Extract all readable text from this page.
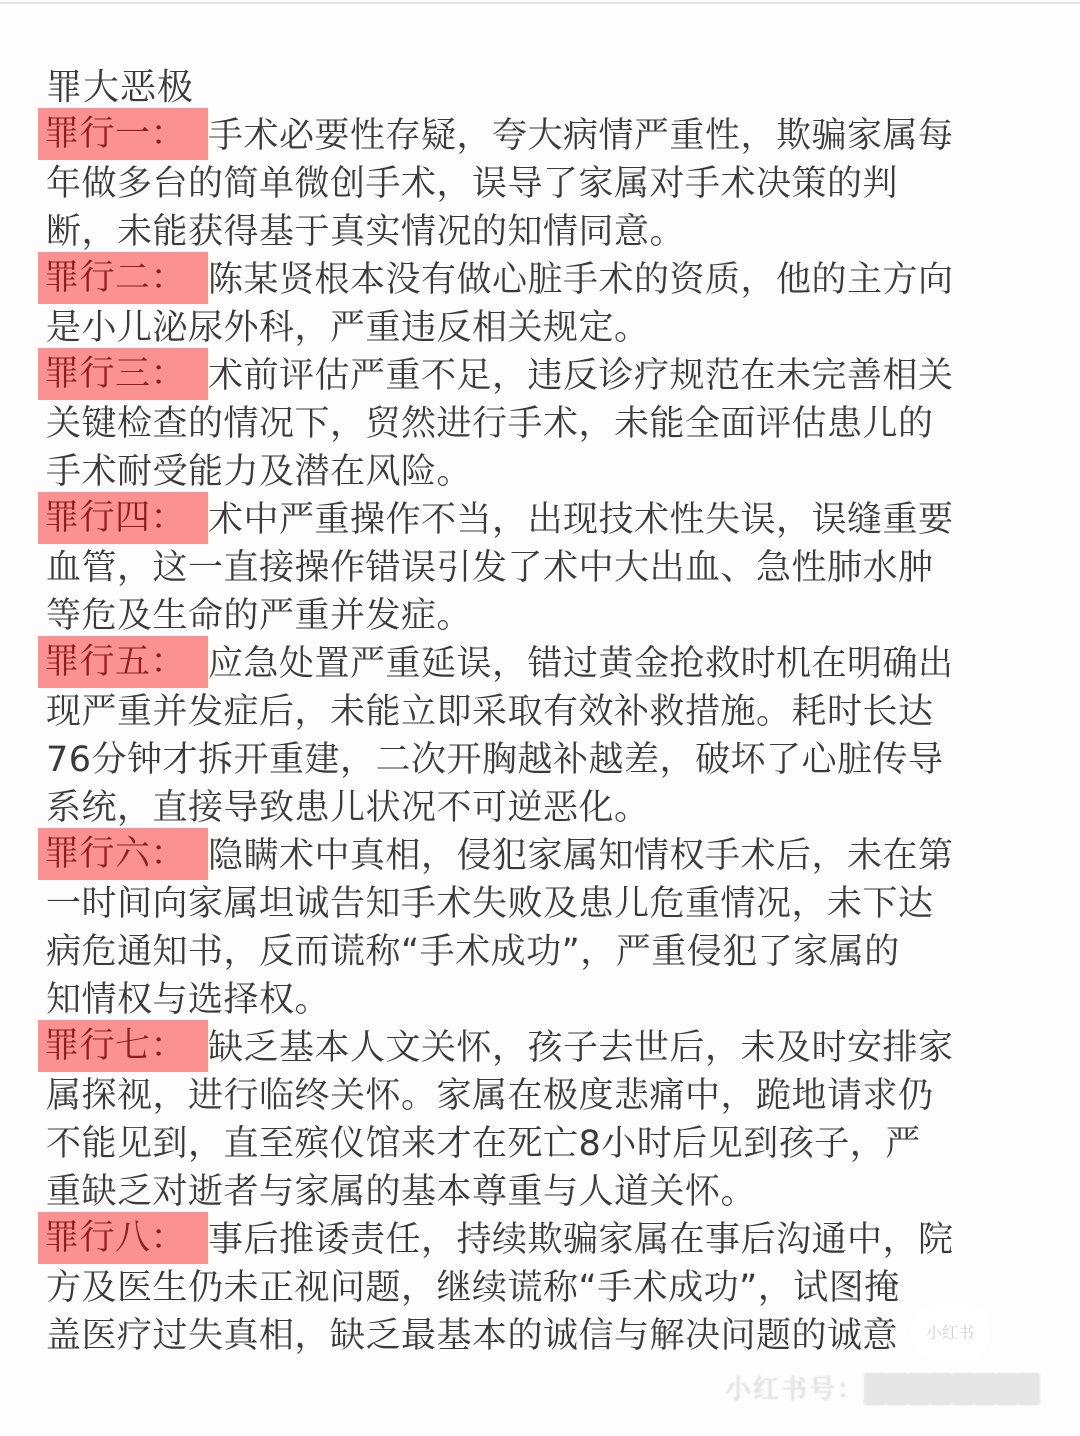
罪大恶极
罪行一： 手术必要性存疑，夸大病情严重性，欺骗家属每
年做多台的简单微创手术，误导了家属对手术决策的判
断，未能获得基于真实情况的知情同意。
罪行二： 陈某贤根本没有做心脏手术的资质，他的主方向
是小儿泌尿外科，严重违反相关规定。
罪行三： 术前评估严重不足，违反诊疗规范在未完善相关
关键检查的情况下，贸然进行手术，未能全面评估患儿的
手术耐受能力及潜在风险。
罪行四： 术中严重操作不当，出现技术性失误，误缝重要
血管，这一直接操作错误引发了术中大出血、急性肺水肿
等危及生命的严重并发症。
罪行五： 应急处置严重延误，错过黄金抢救时机在明确出
现严重并发症后，未能立即采取有效补救措施。耗时长达
76分钟才拆开重建，二次开胸越补越差，破坏了心脏传导
系统，直接导致患儿状况不可逆恶化。
罪行六： 隐瞒术中真相，侵犯家属知情权手术后，未在第
一时间向家属坦诚告知手术失败及患儿危重情况，未下达
病危通知书，反而谎称“手术成功”，严重侵犯了家属的
知情权与选择权。
罪行七： 缺乏基本人文关怀，孩子去世后，未及时安排家
属探视，进行临终关怀。家属在极度悲痛中，跪地请求仍
不能见到，直至殡仪馆来才在死亡8小时后见到孩子，严
重缺乏对逝者与家属的基本尊重与人道关怀。
罪行八： 事后推诿责任，持续欺骗家属在事后沟通中，院
方及医生仍未正视问题，继续谎称“手术成功”，试图掩
盖医疗过失真相，缺乏最基本的诚信与解决问题的诚意	小红书
小红书号：████████
